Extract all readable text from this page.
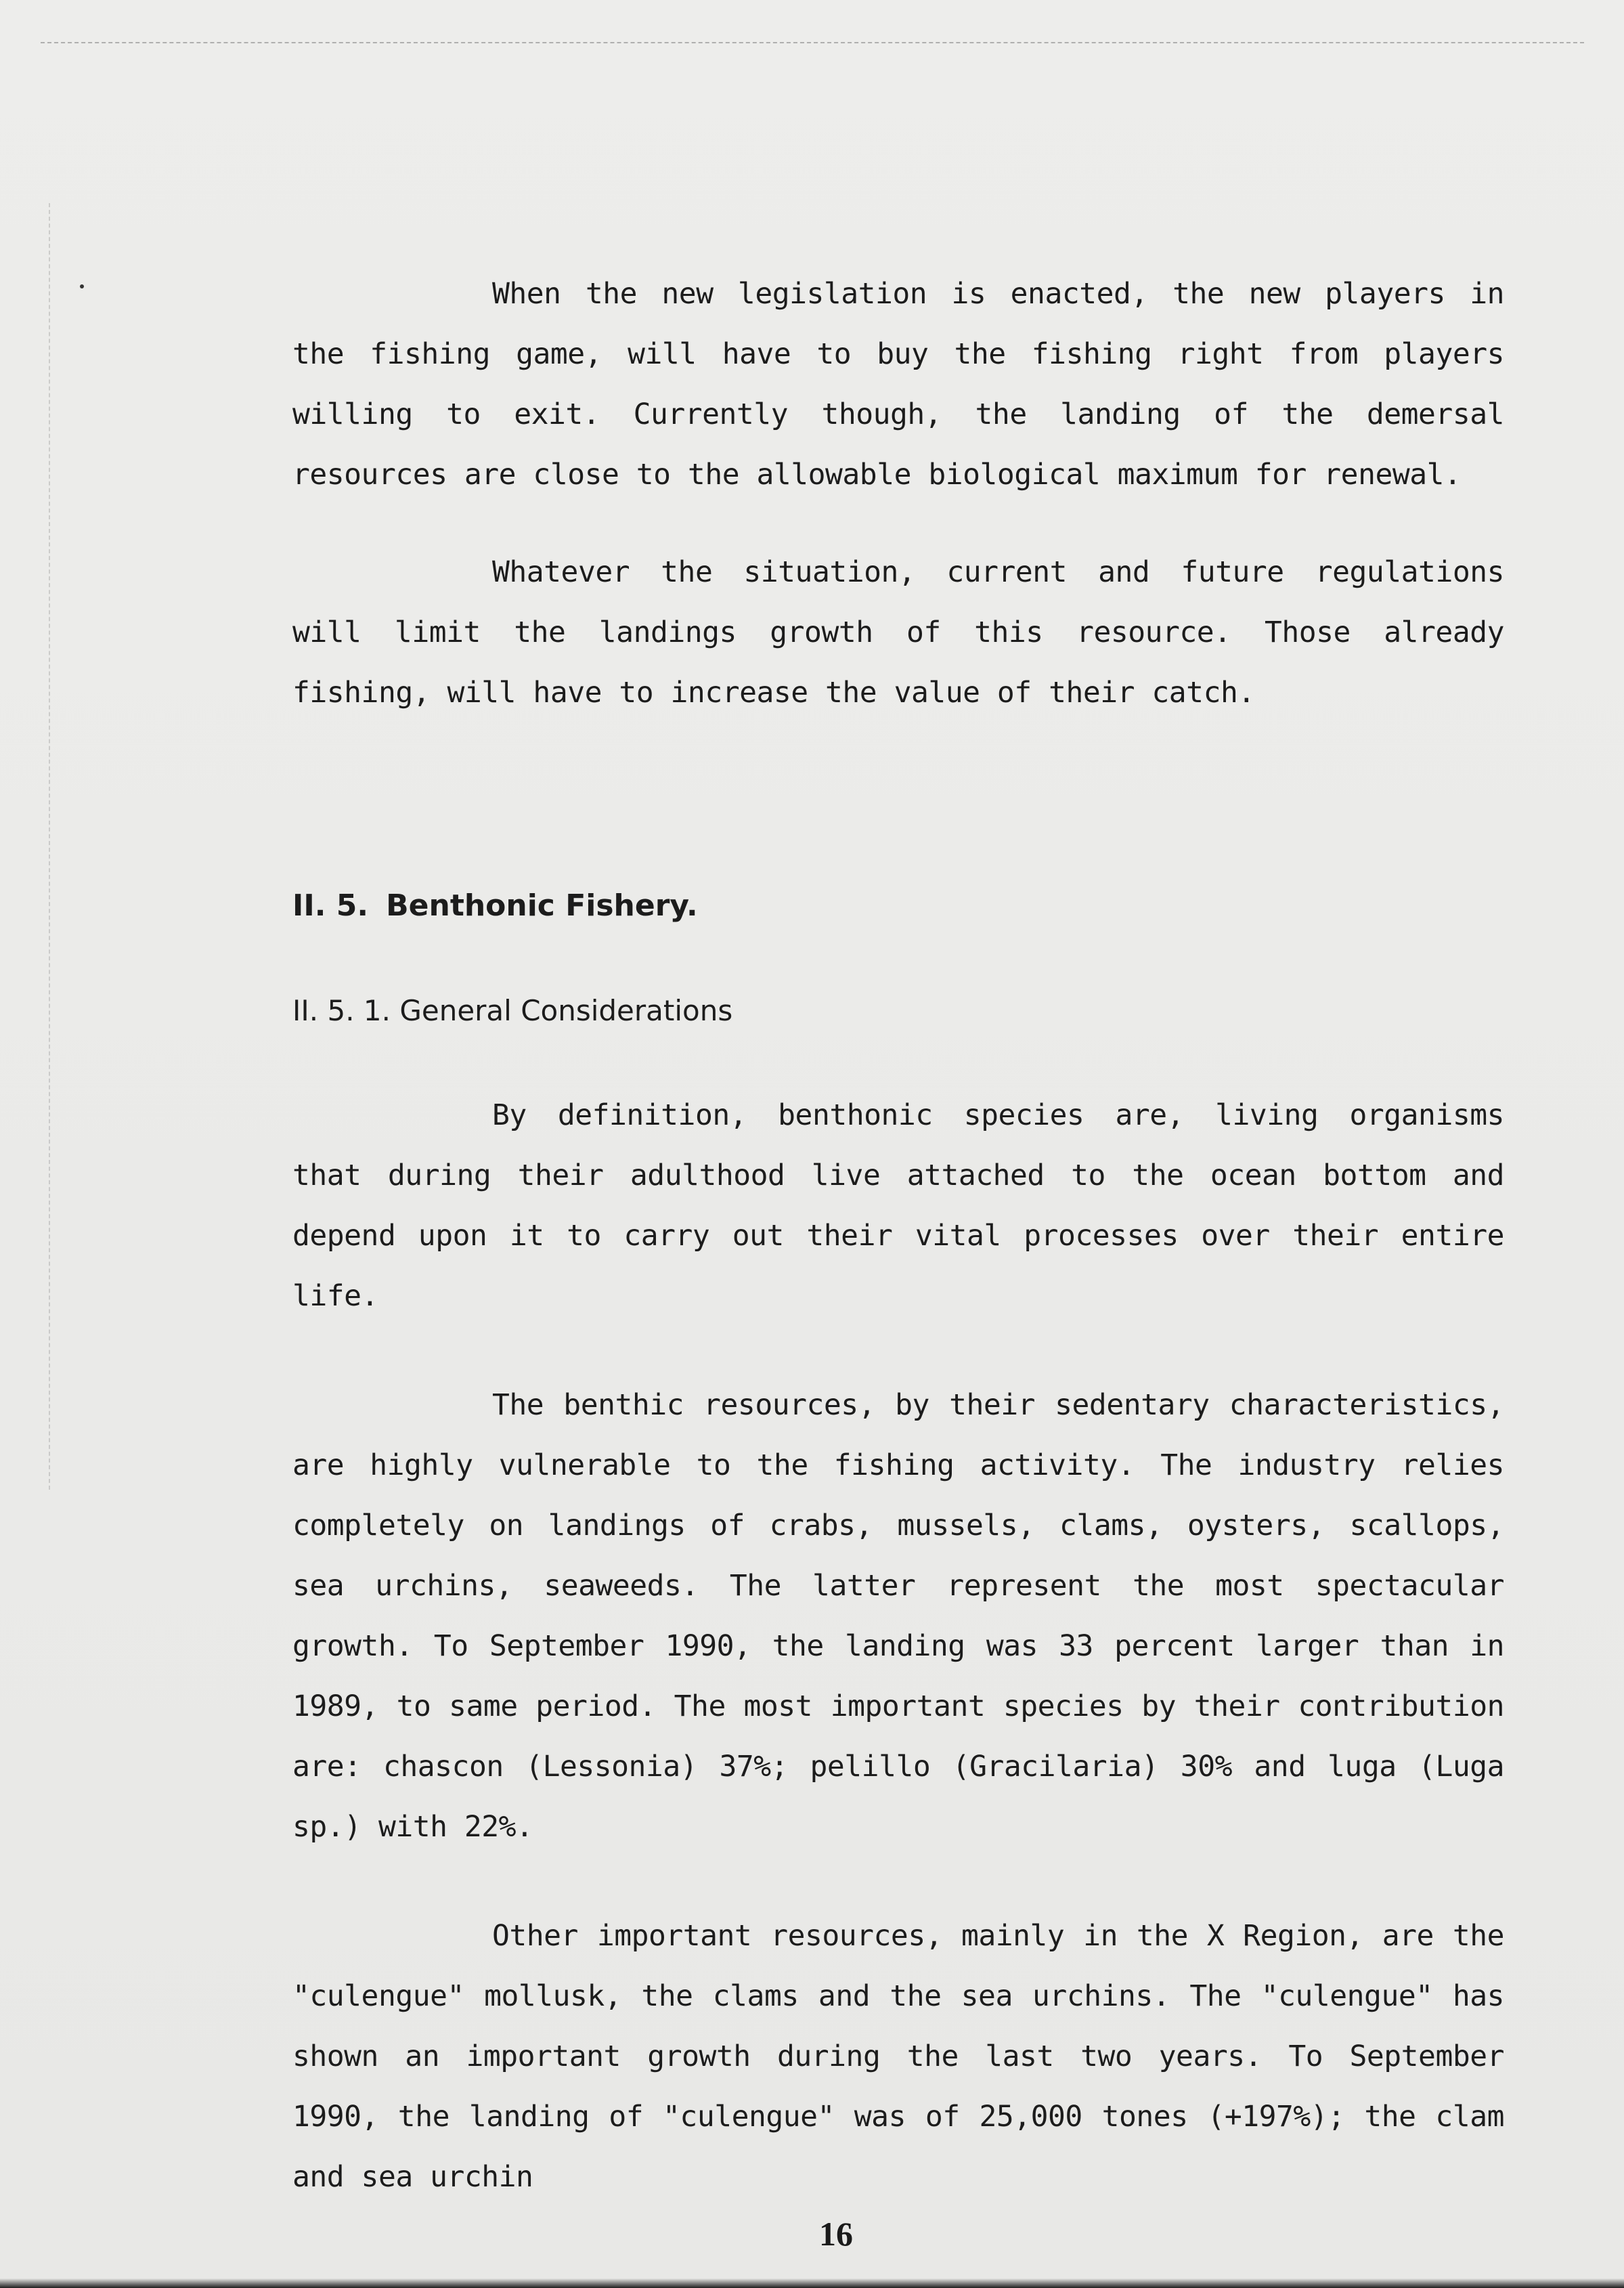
When the new legislation is enacted, the new players in the fishing game, will have to buy the fishing right from players willing to exit. Currently though, the landing of the demersal resources are close to the allowable biological maximum for renewal.

Whatever the situation, current and future regulations will limit the landings growth of this resource. Those already fishing, will have to increase the value of their catch.

II. 5. Benthonic Fishery.
II. 5. 1. General Considerations

By definition, benthonic species are, living organisms that during their adulthood live attached to the ocean bottom and depend upon it to carry out their vital processes over their entire life.

The benthic resources, by their sedentary characteristics, are highly vulnerable to the fishing activity. The industry relies completely on landings of crabs, mussels, clams, oysters, scallops, sea urchins, seaweeds. The latter represent the most spectacular growth. To September 1990, the landing was 33 percent larger than in 1989, to same period. The most important species by their contribution are: chascon (Lessonia) 37%; pelillo (Gracilaria) 30% and luga (Luga sp.) with 22%.

Other important resources, mainly in the X Region, are the "culengue" mollusk, the clams and the sea urchins. The "culengue" has shown an important growth during the last two years. To September 1990, the landing of "culengue" was of 25,000 tones (+197%); the clam and sea urchin

16
